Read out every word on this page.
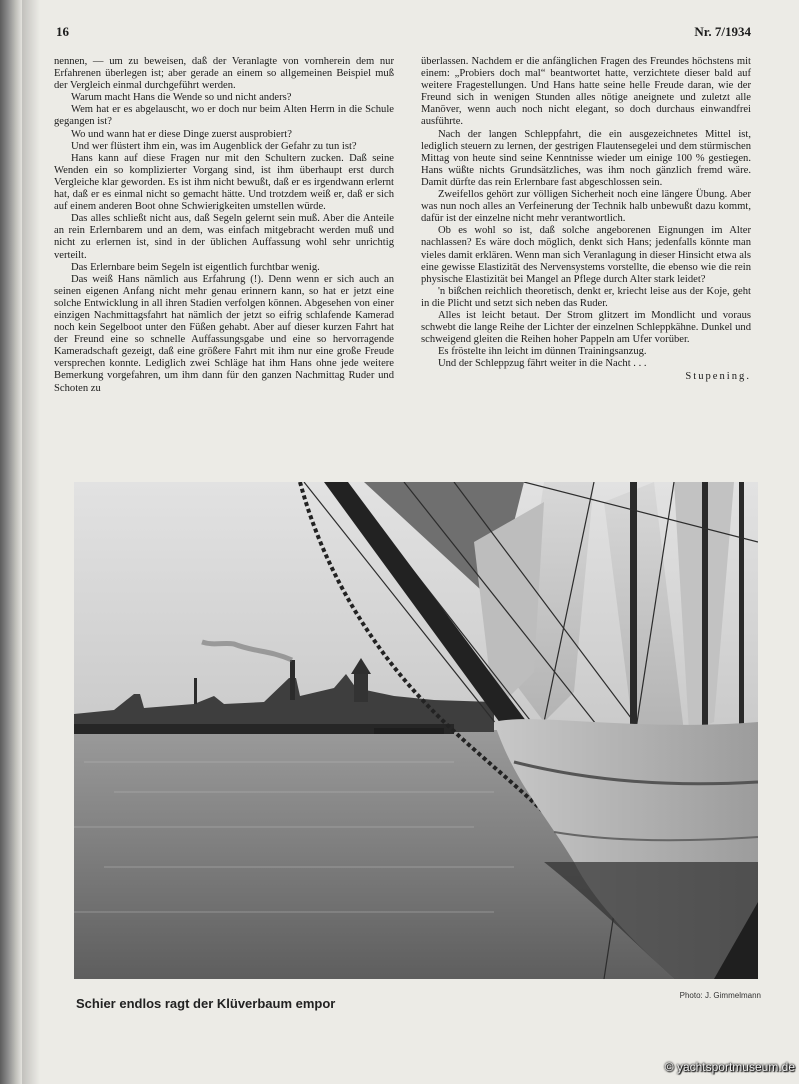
16	Nr. 7/1934

nennen, — um zu beweisen, daß der Veranlagte von vornherein dem nur Erfahrenen überlegen ist; aber gerade an einem so allgemeinen Beispiel muß der Vergleich einmal durchgeführt werden.

Warum macht Hans die Wende so und nicht anders?

Wem hat er es abgelauscht, wo er doch nur beim Alten Herrn in die Schule gegangen ist?

Wo und wann hat er diese Dinge zuerst ausprobiert?

Und wer flüstert ihm ein, was im Augenblick der Gefahr zu tun ist?

Hans kann auf diese Fragen nur mit den Schultern zucken. Daß seine Wenden ein so komplizierter Vorgang sind, ist ihm überhaupt erst durch Vergleiche klar geworden. Es ist ihm nicht bewußt, daß er es irgendwann erlernt hat, daß er es einmal nicht so gemacht hätte. Und trotzdem weiß er, daß er sich auf einem anderen Boot ohne Schwierigkeiten umstellen würde.

Das alles schließt nicht aus, daß Segeln gelernt sein muß. Aber die Anteile an rein Erlernbarem und an dem, was einfach mitgebracht werden muß und nicht zu erlernen ist, sind in der üblichen Auffassung wohl sehr unrichtig verteilt.

Das Erlernbare beim Segeln ist eigentlich furchtbar wenig.

Das weiß Hans nämlich aus Erfahrung (!). Denn wenn er sich auch an seinen eigenen Anfang nicht mehr genau erinnern kann, so hat er jetzt eine solche Entwicklung in all ihren Stadien verfolgen können. Abgesehen von einer einzigen Nachmittagsfahrt hat nämlich der jetzt so eifrig schlafende Kamerad noch kein Segelboot unter den Füßen gehabt. Aber auf dieser kurzen Fahrt hat der Freund eine so schnelle Auffassungsgabe und eine so hervorragende Kameradschaft gezeigt, daß eine größere Fahrt mit ihm nur eine große Freude versprechen konnte. Lediglich zwei Schläge hat ihm Hans ohne jede weitere Bemerkung vorgefahren, um ihm dann für den ganzen Nachmittag Ruder und Schoten zu

überlassen. Nachdem er die anfänglichen Fragen des Freundes höchstens mit einem: „Probiers doch mal“ beantwortet hatte, verzichtete dieser bald auf weitere Fragestellungen. Und Hans hatte seine helle Freude daran, wie der Freund sich in wenigen Stunden alles nötige aneignete und zuletzt alle Manöver, wenn auch noch nicht elegant, so doch durchaus einwandfrei ausführte.

Nach der langen Schleppfahrt, die ein ausgezeichnetes Mittel ist, lediglich steuern zu lernen, der gestrigen Flautensegelei und dem stürmischen Mittag von heute sind seine Kenntnisse wieder um einige 100 % gestiegen. Hans wüßte nichts Grundsätzliches, was ihm noch gänzlich fremd wäre. Damit dürfte das rein Erlernbare fast abgeschlossen sein.

Zweifellos gehört zur völligen Sicherheit noch eine längere Übung. Aber was nun noch alles an Verfeinerung der Technik halb unbewußt dazu kommt, dafür ist der einzelne nicht mehr verantwortlich.

Ob es wohl so ist, daß solche angeborenen Eignungen im Alter nachlassen? Es wäre doch möglich, denkt sich Hans; jedenfalls könnte man vieles damit erklären. Wenn man sich Veranlagung in dieser Hinsicht etwa als eine gewisse Elastizität des Nervensystems vorstellte, die ebenso wie die rein physische Elastizität bei Mangel an Pflege durch Alter stark leidet?

'n bißchen reichlich theoretisch, denkt er, kriecht leise aus der Koje, geht in die Plicht und setzt sich neben das Ruder.

Alles ist leicht betaut. Der Strom glitzert im Mondlicht und voraus schwebt die lange Reihe der Lichter der einzelnen Schleppkähne. Dunkel und schweigend gleiten die Reihen hoher Pappeln am Ufer vorüber.

Es fröstelte ihn leicht im dünnen Trainingsanzug.

Und der Schleppzug fährt weiter in die Nacht . . .

Stupening.

Schier endlos ragt der Klüverbaum empor
Photo: J. Gimmelmann
© yachtsportmuseum.de
